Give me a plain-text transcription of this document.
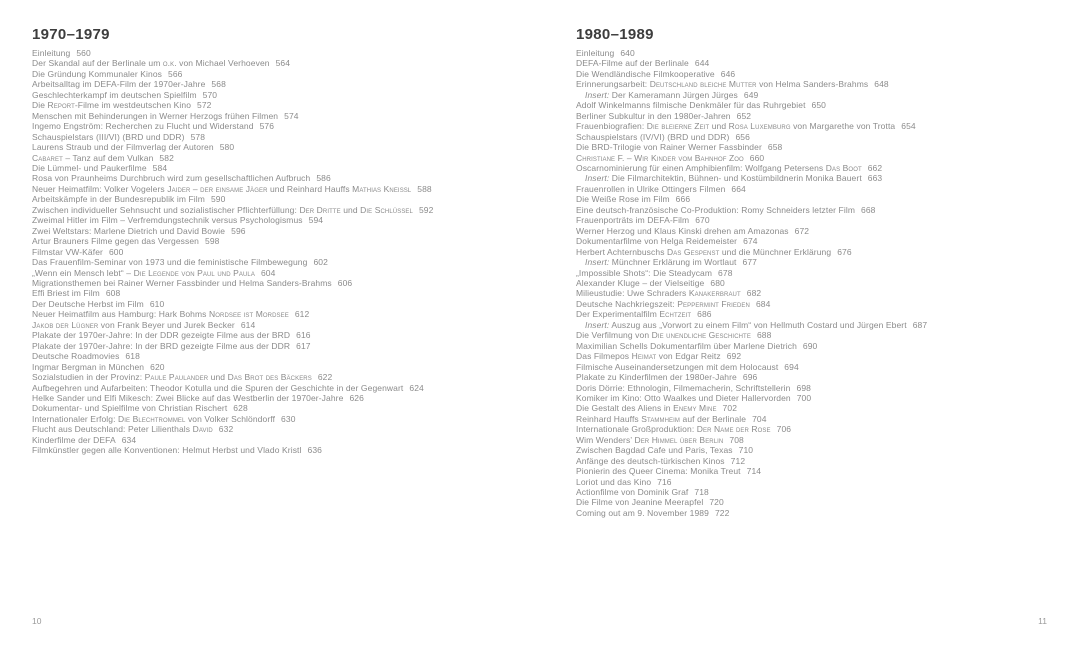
1970–1979
Einleitung 560
Der Skandal auf der Berlinale um o.k. von Michael Verhoeven 564
Die Gründung Kommunaler Kinos 566
Arbeitsalltag im DEFA-Film der 1970er-Jahre 568
Geschlechterkampf im deutschen Spielfilm 570
Die Report-Filme im westdeutschen Kino 572
Menschen mit Behinderungen in Werner Herzogs frühen Filmen 574
Ingemo Engström: Recherchen zu Flucht und Widerstand 576
Schauspielstars (III/VI) (BRD und DDR) 578
Laurens Straub und der Filmverlag der Autoren 580
Cabaret – Tanz auf dem Vulkan 582
Die Lümmel- und Paukerfilme 584
Rosa von Praunheims Durchbruch wird zum gesellschaftlichen Aufbruch 586
Neuer Heimatfilm: Volker Vogelers Jaider – der einsame Jäger und Reinhard Hauffs Mathias Kneißl 588
Arbeitskämpfe in der Bundesrepublik im Film 590
Zwischen individueller Sehnsucht und sozialistischer Pflichterfüllung: Der Dritte und Die Schlüssel 592
Zweimal Hitler im Film – Verfremdungstechnik versus Psychologismus 594
Zwei Weltstars: Marlene Dietrich und David Bowie 596
Artur Brauners Filme gegen das Vergessen 598
Filmstar VW-Käfer 600
Das Frauenfilm-Seminar von 1973 und die feministische Filmbewegung 602
„Wenn ein Mensch lebt“ – Die Legende von Paul und Paula 604
Migrationsthemen bei Rainer Werner Fassbinder und Helma Sanders-Brahms 606
Effi Briest im Film 608
Der Deutsche Herbst im Film 610
Neuer Heimatfilm aus Hamburg: Hark Bohms Nordsee ist Mordsee 612
Jakob der Lügner von Frank Beyer und Jurek Becker 614
Plakate der 1970er-Jahre: In der DDR gezeigte Filme aus der BRD 616
Plakate der 1970er-Jahre: In der BRD gezeigte Filme aus der DDR 617
Deutsche Roadmovies 618
Ingmar Bergman in München 620
Sozialstudien in der Provinz: Paule Paulander und Das Brot des Bäckers 622
Aufbegehren und Aufarbeiten: Theodor Kotulla und die Spuren der Geschichte in der Gegenwart 624
Helke Sander und Elfi Mikesch: Zwei Blicke auf das Westberlin der 1970er-Jahre 626
Dokumentar- und Spielfilme von Christian Rischert 628
Internationaler Erfolg: Die Blechtrommel von Volker Schlöndorff 630
Flucht aus Deutschland: Peter Lilienthals David 632
Kinderfilme der DEFA 634
Filmkünstler gegen alle Konventionen: Helmut Herbst und Vlado Kristl 636
1980–1989
Einleitung 640
DEFA-Filme auf der Berlinale 644
Die Wendländische Filmkooperative 646
Erinnerungsarbeit: Deutschland bleiche Mutter von Helma Sanders-Brahms 648
Insert: Der Kameramann Jürgen Jürges 649
Adolf Winkelmanns filmische Denkmäler für das Ruhrgebiet 650
Berliner Subkultur in den 1980er-Jahren 652
Frauenbiografien: Die bleierne Zeit und Rosa Luxemburg von Margarethe von Trotta 654
Schauspielstars (IV/VI) (BRD und DDR) 656
Die BRD-Trilogie von Rainer Werner Fassbinder 658
Christiane F. – Wir Kinder vom Bahnhof Zoo 660
Oscarnominierung für einen Amphibienfilm: Wolfgang Petersens Das Boot 662
Insert: Die Filmarchitektin, Bühnen- und Kostümbildnerin Monika Bauert 663
Frauenrollen in Ulrike Ottingers Filmen 664
Die Weiße Rose im Film 666
Eine deutsch-französische Co-Produktion: Romy Schneiders letzter Film 668
Frauenporträts im DEFA-Film 670
Werner Herzog und Klaus Kinski drehen am Amazonas 672
Dokumentarfilme von Helga Reidemeister 674
Herbert Achternbuschs Das Gespenst und die Münchner Erklärung 676
Insert: Münchner Erklärung im Wortlaut 677
„Impossible Shots“: Die Steadycam 678
Alexander Kluge – der Vielseitige 680
Milieustudie: Uwe Schraders Kanakerbraut 682
Deutsche Nachkriegszeit: Peppermint Frieden 684
Der Experimentalfilm Echtzeit 686
Insert: Auszug aus „Vorwort zu einem Film“ von Hellmuth Costard und Jürgen Ebert 687
Die Verfilmung von Die unendliche Geschichte 688
Maximilian Schells Dokumentarfilm über Marlene Dietrich 690
Das Filmepos Heimat von Edgar Reitz 692
Filmische Auseinandersetzungen mit dem Holocaust 694
Plakate zu Kinderfilmen der 1980er-Jahre 696
Doris Dörrie: Ethnologin, Filmemacherin, Schriftstellerin 698
Komiker im Kino: Otto Waalkes und Dieter Hallervorden 700
Die Gestalt des Aliens in Enemy Mine 702
Reinhard Hauffs Stammheim auf der Berlinale 704
Internationale Großproduktion: Der Name der Rose 706
Wim Wenders’ Der Himmel über Berlin 708
Zwischen Bagdad Cafe und Paris, Texas 710
Anfänge des deutsch-türkischen Kinos 712
Pionierin des Queer Cinema: Monika Treut 714
Loriot und das Kino 716
Actionfilme von Dominik Graf 718
Die Filme von Jeanine Meerapfel 720
Coming out am 9. November 1989 722
10	11
